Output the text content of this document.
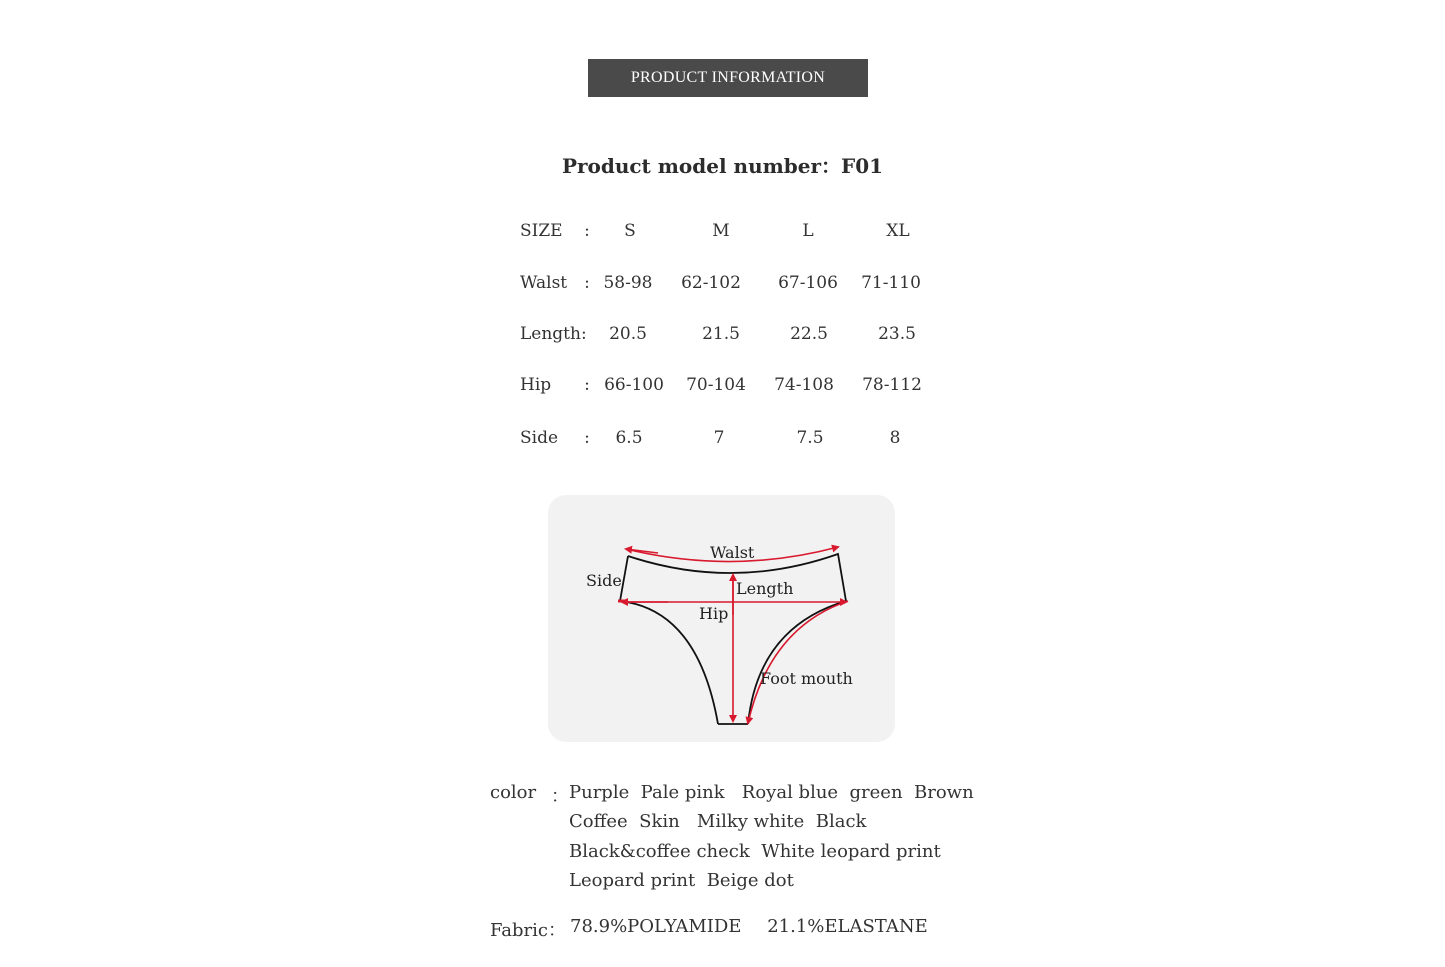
PRODUCT INFORMATION
Product model number：F01
SIZE : S	M	L	XL
Walst : 58-98 62-102 67-106 71-110
Length: 20.5	21.5	22.5	23.5
Hip : 66-100 70-104 74-108 78-112
Side : 6.5	7	7.5	8
Walst
Side	Length
Hip
Foot mouth
color ： Purple  Pale pink   Royal blue  green  Brown
Coffee  Skin   Milky white  Black
Black&coffee check  White leopard print
Leopard print  Beige dot
Fabric： 78.9%POLYAMIDE 21.1%ELASTANE
